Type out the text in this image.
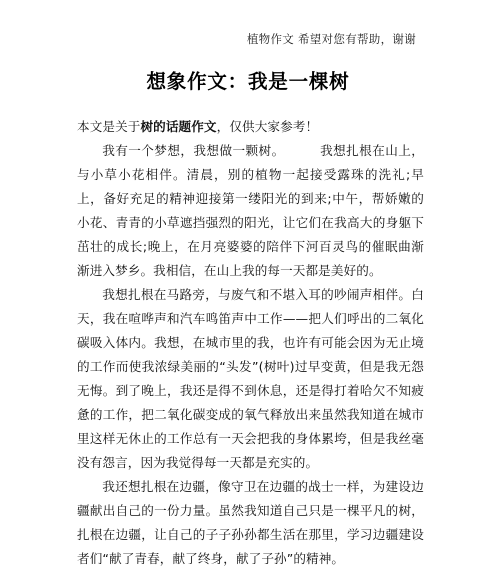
植物作文 希望对您有帮助，谢谢
想象作文：我是一棵树

本文是关于树的话题作文，仅供大家参考！

我有一个梦想，我想做一颗树。        我想扎根在山上，与小草小花相伴。清晨，别的植物一起接受露珠的洗礼;早上，备好充足的精神迎接第一缕阳光的到来;中午，帮娇嫩的小花、青青的小草遮挡强烈的阳光，让它们在我高大的身躯下茁壮的成长;晚上，在月亮婆婆的陪伴下河百灵鸟的催眠曲渐渐进入梦乡。我相信，在山上我的每一天都是美好的。

我想扎根在马路旁，与废气和不堪入耳的吵闹声相伴。白天，我在喧哗声和汽车鸣笛声中工作——把人们呼出的二氧化碳吸入体内。我想，在城市里的我，也许有可能会因为无止境的工作而使我浓绿美丽的“头发”(树叶)过早变黄，但是我无怨无悔。到了晚上，我还是得不到休息，还是得打着哈欠不知疲惫的工作，把二氧化碳变成的氧气释放出来虽然我知道在城市里这样无休止的工作总有一天会把我的身体累垮，但是我丝毫没有怨言，因为我觉得每一天都是充实的。

我还想扎根在边疆，像守卫在边疆的战士一样，为建设边疆献出自己的一份力量。虽然我知道自己只是一棵平凡的树，扎根在边疆，让自己的子子孙孙都生活在那里，学习边疆建设者们“献了青春，献了终身，献了子孙”的精神。
